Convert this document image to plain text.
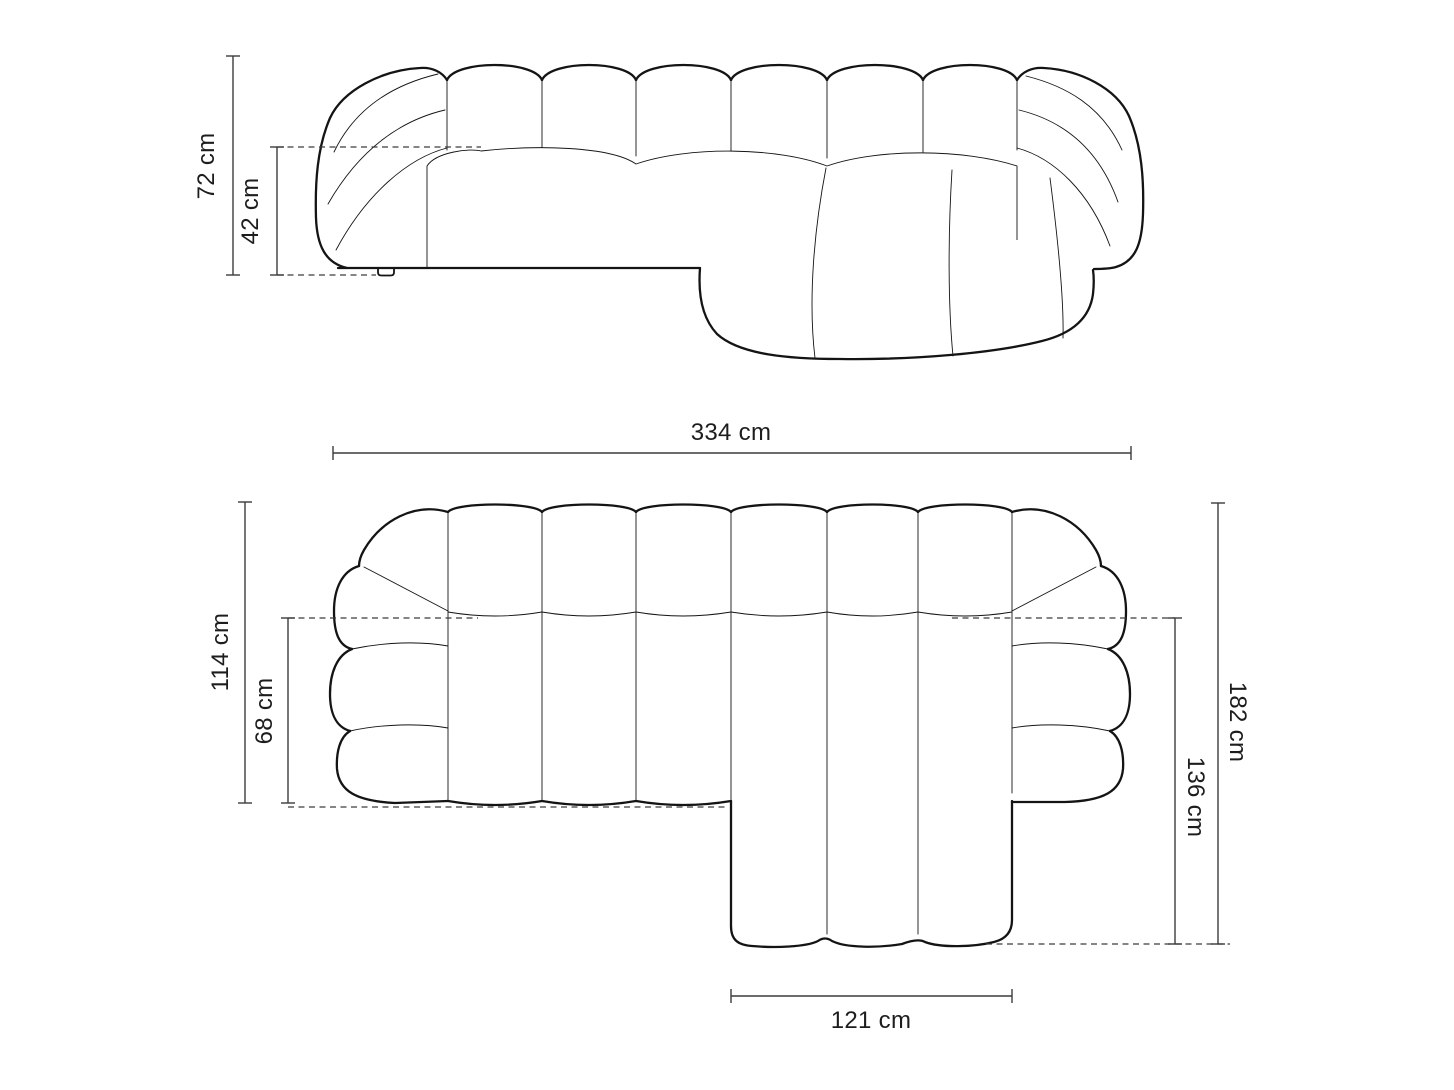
72 cm
42 cm
334 cm
114 cm
68 cm	182 cm
136 cm
121 cm
